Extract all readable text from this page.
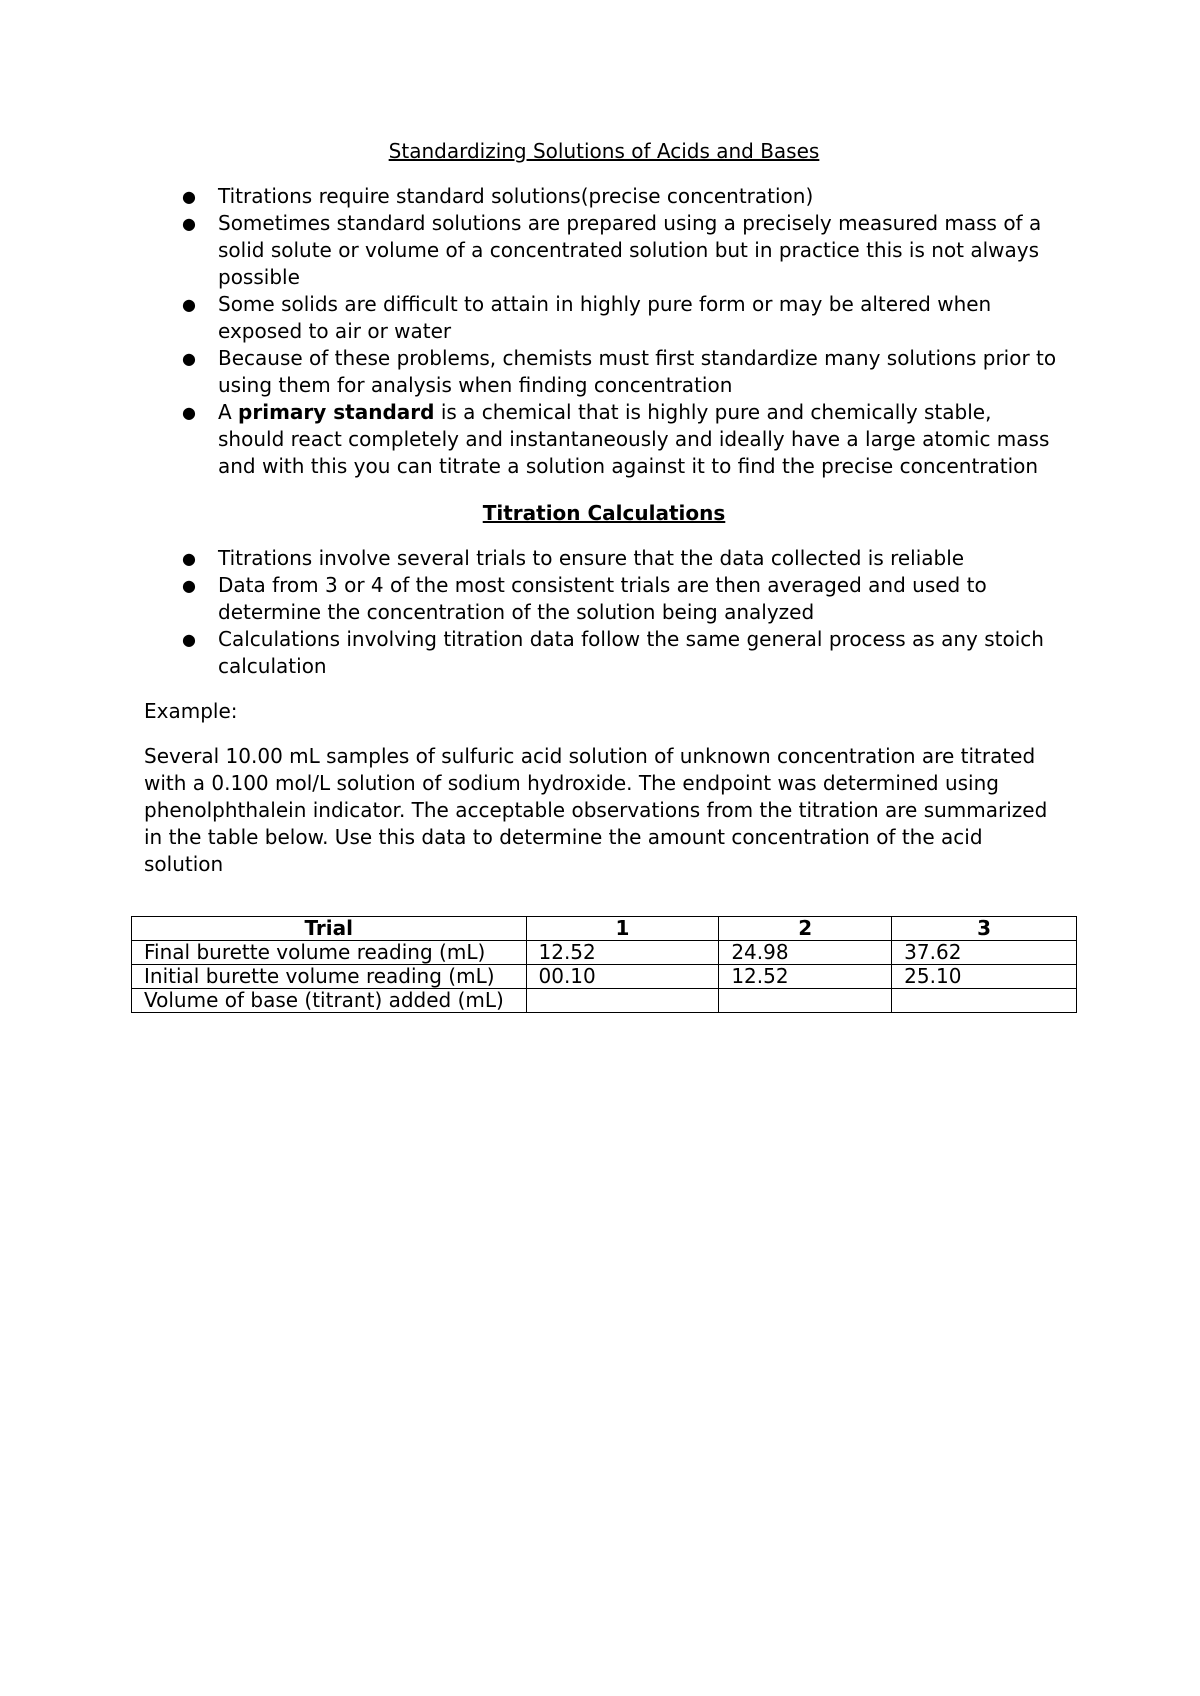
Standardizing Solutions of Acids and Bases
● Titrations require standard solutions(precise concentration)
● Sometimes standard solutions are prepared using a precisely measured mass of a solid solute or volume of a concentrated solution but in practice this is not always possible
● Some solids are difficult to attain in highly pure form or may be altered when exposed to air or water
● Because of these problems, chemists must first standardize many solutions prior to using them for analysis when finding concentration
● A primary standard is a chemical that is highly pure and chemically stable, should react completely and instantaneously and ideally have a large atomic mass and with this you can titrate a solution against it to find the precise concentration
Titration Calculations
● Titrations involve several trials to ensure that the data collected is reliable
● Data from 3 or 4 of the most consistent trials are then averaged and used to determine the concentration of the solution being analyzed
● Calculations involving titration data follow the same general process as any stoich calculation

Example:

Several 10.00 mL samples of sulfuric acid solution of unknown concentration are titrated with a 0.100 mol/L solution of sodium hydroxide. The endpoint was determined using phenolphthalein indicator. The acceptable observations from the titration are summarized in the table below. Use this data to determine the amount concentration of the acid solution

Trial	1	2	3
Final burette volume reading (mL)	12.52	24.98	37.62
Initial burette volume reading (mL)	00.10	12.52	25.10
Volume of base (titrant) added (mL)			
